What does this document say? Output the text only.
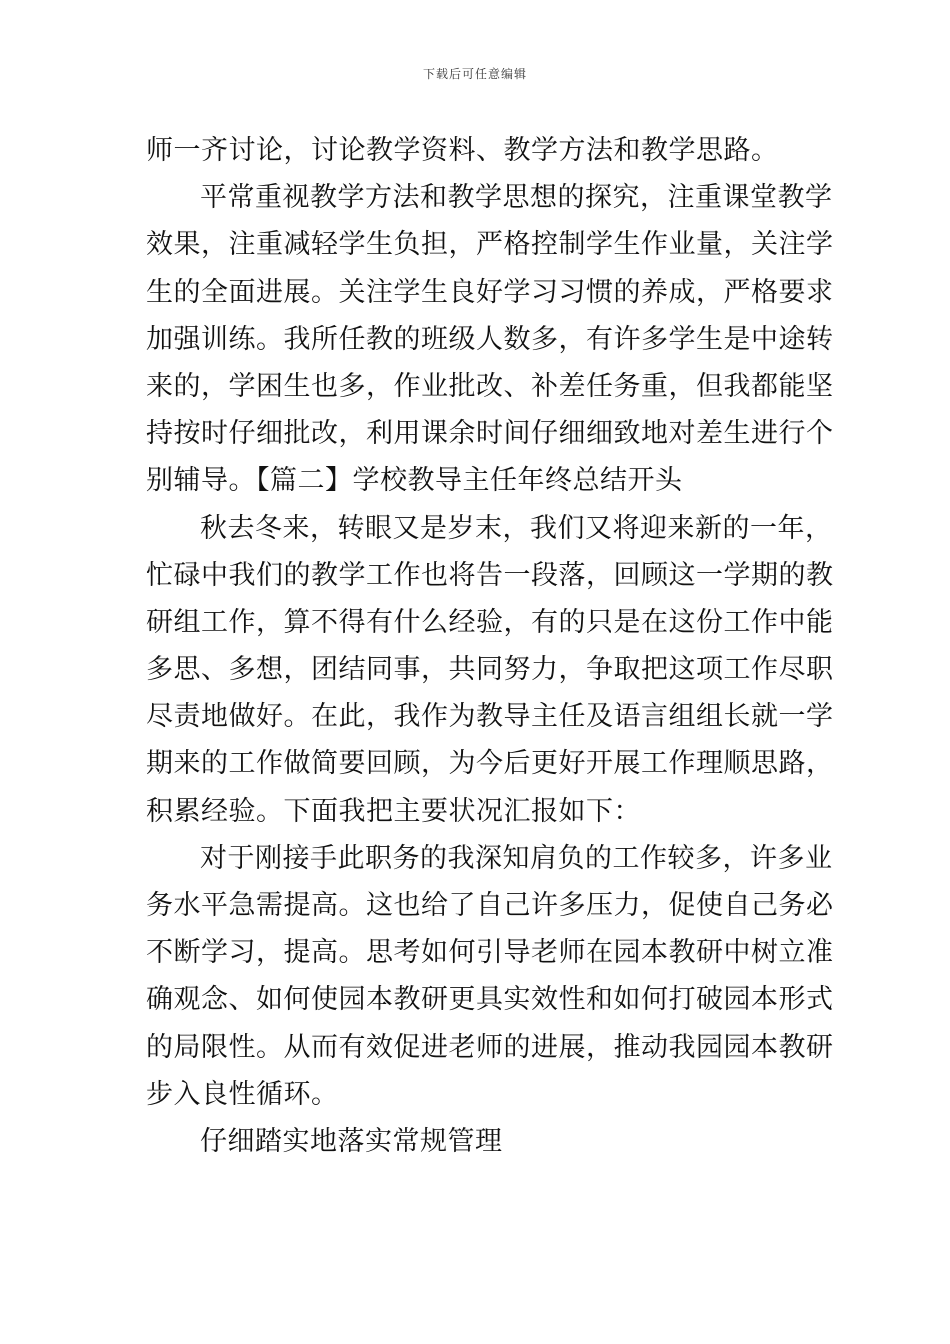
下载后可任意编辑
师一齐讨论，讨论教学资料、教学方法和教学思路。
平常重视教学方法和教学思想的探究，注重课堂教学
效果，注重减轻学生负担，严格控制学生作业量，关注学
生的全面进展。关注学生良好学习习惯的养成，严格要求
加强训练。我所任教的班级人数多，有许多学生是中途转
来的，学困生也多，作业批改、补差任务重，但我都能坚
持按时仔细批改，利用课余时间仔细细致地对差生进行个
别辅导。【篇二】学校教导主任年终总结开头
秋去冬来，转眼又是岁末，我们又将迎来新的一年，
忙碌中我们的教学工作也将告一段落，回顾这一学期的教
研组工作，算不得有什么经验，有的只是在这份工作中能
多思、多想，团结同事，共同努力，争取把这项工作尽职
尽责地做好。在此，我作为教导主任及语言组组长就一学
期来的工作做简要回顾，为今后更好开展工作理顺思路，
积累经验。下面我把主要状况汇报如下：
对于刚接手此职务的我深知肩负的工作较多，许多业
务水平急需提高。这也给了自己许多压力，促使自己务必
不断学习，提高。思考如何引导老师在园本教研中树立准
确观念、如何使园本教研更具实效性和如何打破园本形式
的局限性。从而有效促进老师的进展，推动我园园本教研
步入良性循环。
仔细踏实地落实常规管理
